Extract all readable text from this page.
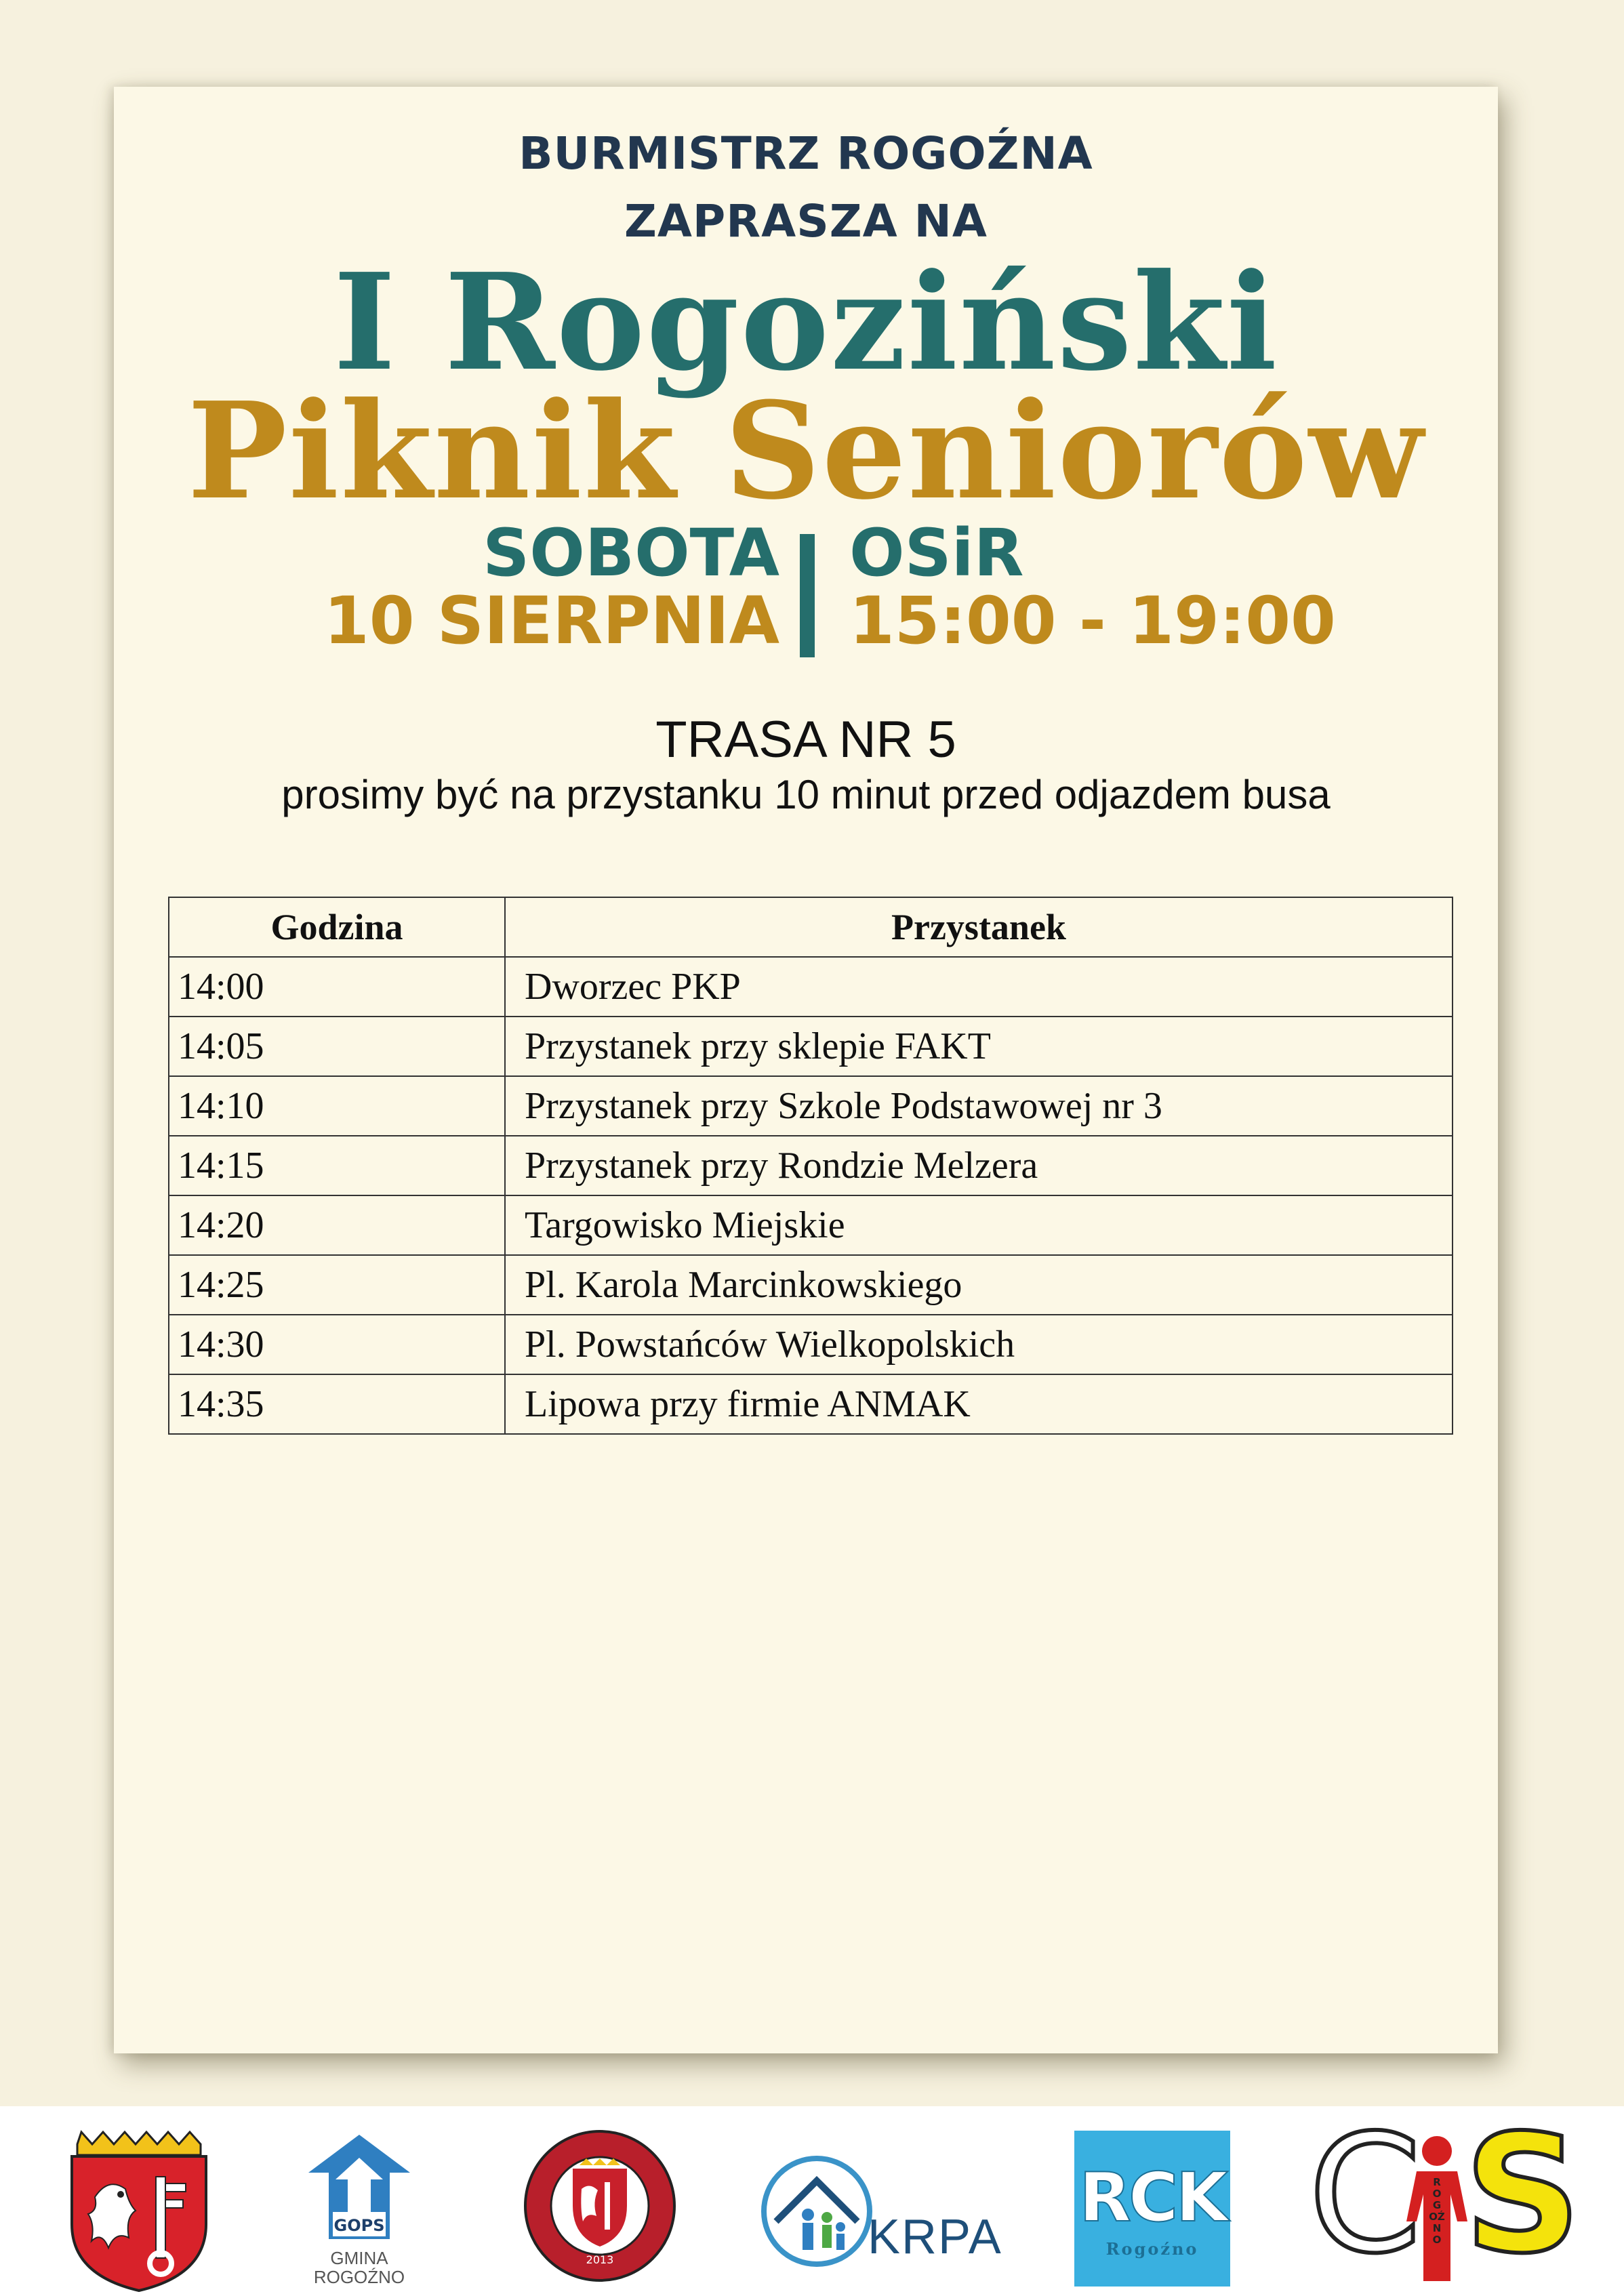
BURMISTRZ ROGOŹNA
ZAPRASZA NA
I Rogoziński
Piknik Seniorów
SOBOTA
10 SIERPNIA
OSiR
15:00 - 19:00
TRASA NR 5
prosimy być na przystanku 10 minut przed odjazdem busa
Godzina	Przystanek
14:00	Dworzec PKP
14:05	Przystanek przy sklepie FAKT
14:10	Przystanek przy Szkole Podstawowej nr 3
14:15	Przystanek przy Rondzie Melzera
14:20	Targowisko Miejskie
14:25	Pl. Karola Marcinkowskiego
14:30	Pl. Powstańców Wielkopolskich
14:35	Lipowa przy firmie ANMAK
GOPS
GMINA
ROGOŹNO
2013	KRPA RCK
Rogoźno C	ROGOŹNO S
